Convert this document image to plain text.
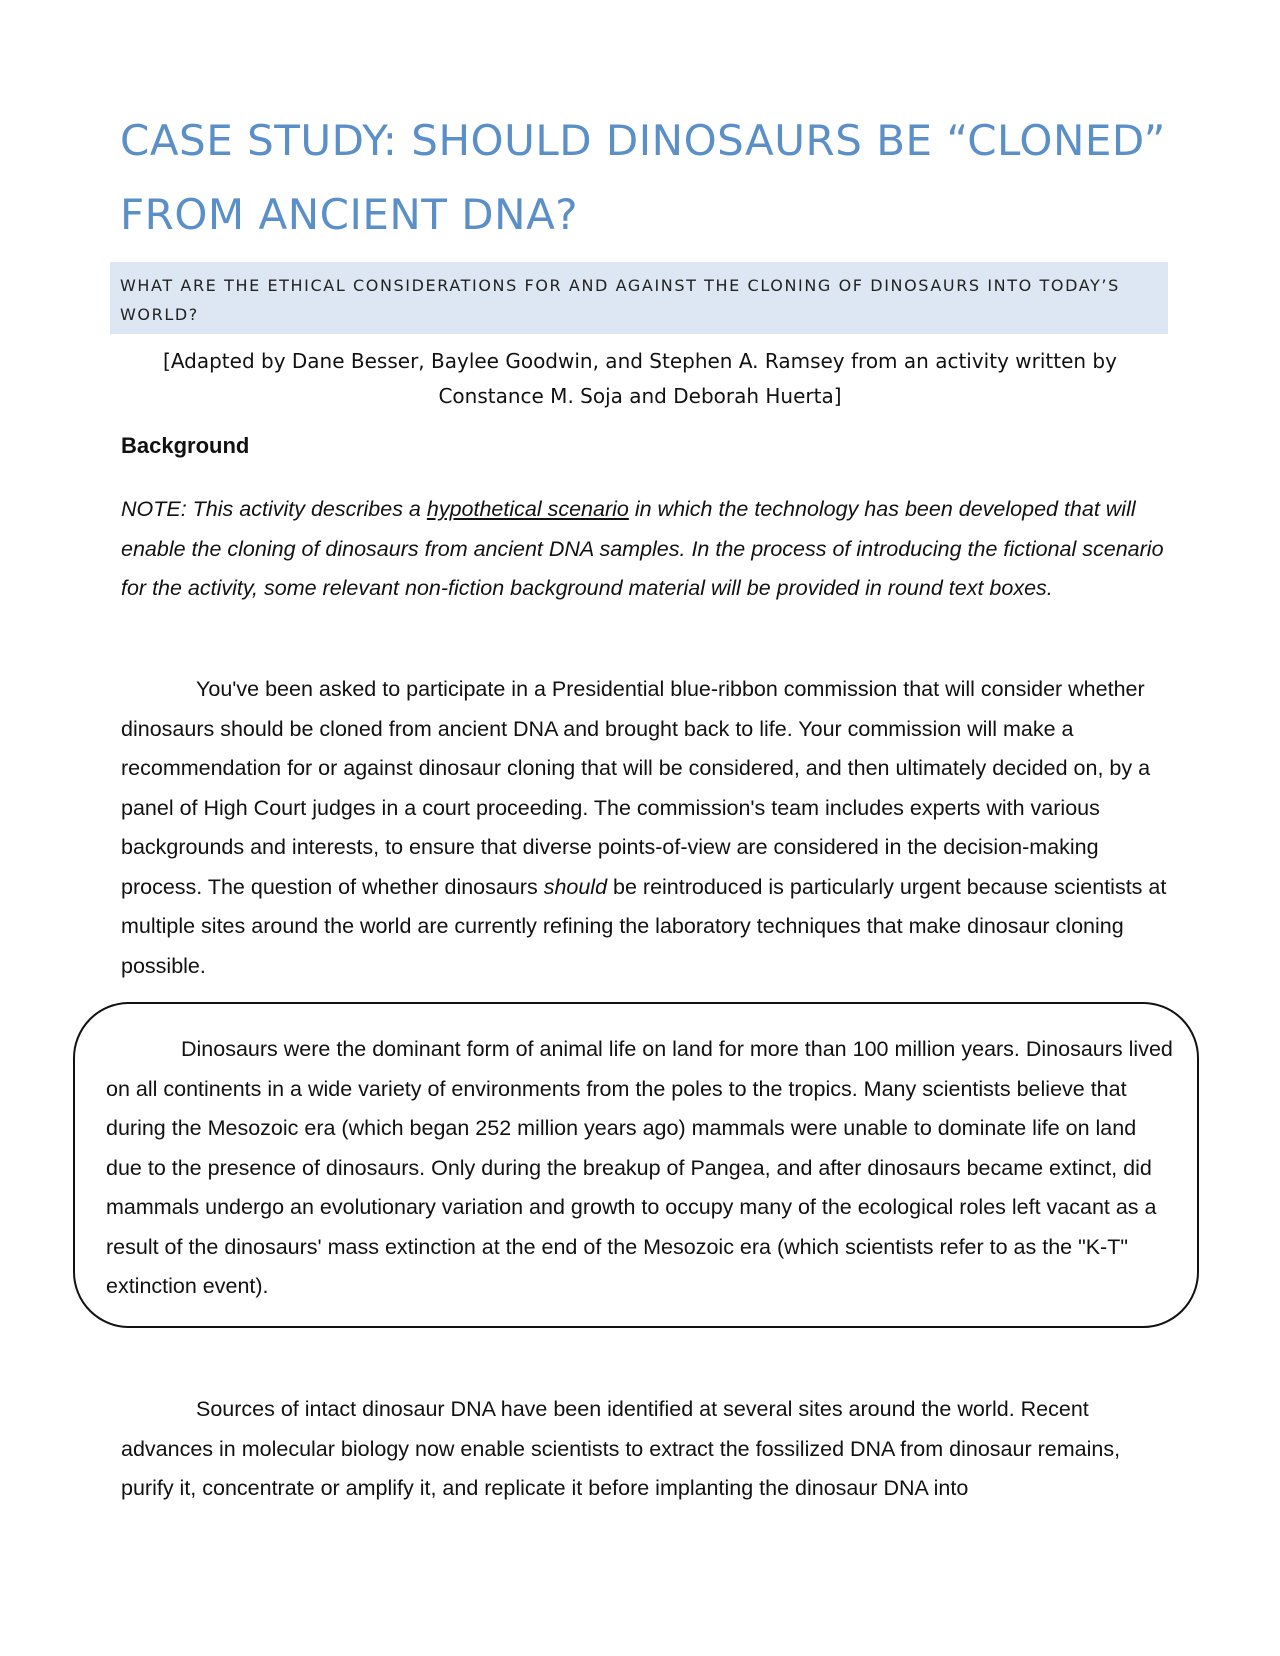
CASE STUDY: SHOULD DINOSAURS BE “CLONED” FROM ANCIENT DNA?
WHAT ARE THE ETHICAL CONSIDERATIONS FOR AND AGAINST THE CLONING OF DINOSAURS INTO TODAY’S WORLD?
[Adapted by Dane Besser, Baylee Goodwin, and Stephen A. Ramsey from an activity written by
Constance M. Soja and Deborah Huerta]
Background
NOTE: This activity describes a hypothetical scenario in which the technology has been developed that will enable the cloning of dinosaurs from ancient DNA samples. In the process of introducing the fictional scenario for the activity, some relevant non-fiction background material will be provided in round text boxes.
You've been asked to participate in a Presidential blue-ribbon commission that will consider whether dinosaurs should be cloned from ancient DNA and brought back to life. Your commission will make a recommendation for or against dinosaur cloning that will be considered, and then ultimately decided on, by a panel of High Court judges in a court proceeding. The commission's team includes experts with various backgrounds and interests, to ensure that diverse points-of-view are considered in the decision-making process. The question of whether dinosaurs should be reintroduced is particularly urgent because scientists at multiple sites around the world are currently refining the laboratory techniques that make dinosaur cloning possible.
Dinosaurs were the dominant form of animal life on land for more than 100 million years. Dinosaurs lived on all continents in a wide variety of environments from the poles to the tropics. Many scientists believe that during the Mesozoic era (which began 252 million years ago) mammals were unable to dominate life on land due to the presence of dinosaurs. Only during the breakup of Pangea, and after dinosaurs became extinct, did mammals undergo an evolutionary variation and growth to occupy many of the ecological roles left vacant as a result of the dinosaurs' mass extinction at the end of the Mesozoic era (which scientists refer to as the "K-T" extinction event).
Sources of intact dinosaur DNA have been identified at several sites around the world. Recent advances in molecular biology now enable scientists to extract the fossilized DNA from dinosaur remains, purify it, concentrate or amplify it, and replicate it before implanting the dinosaur DNA into
